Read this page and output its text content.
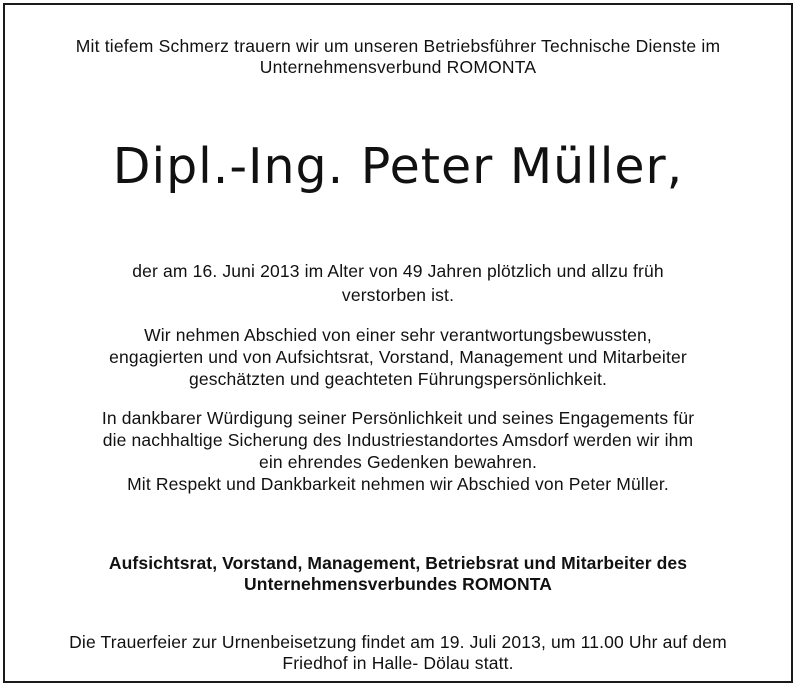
Mit tiefem Schmerz trauern wir um unseren Betriebsführer Technische Dienste im

Unternehmensverbund ROMONTA

Dipl.-Ing. Peter Müller,

der am 16. Juni 2013 im Alter von 49 Jahren plötzlich und allzu früh

verstorben ist.

Wir nehmen Abschied von einer sehr verantwortungsbewussten,

engagierten und von Aufsichtsrat, Vorstand, Management und Mitarbeiter

geschätzten und geachteten Führungspersönlichkeit.

In dankbarer Würdigung seiner Persönlichkeit und seines Engagements für

die nachhaltige Sicherung des Industriestandortes Amsdorf werden wir ihm

ein ehrendes Gedenken bewahren.

Mit Respekt und Dankbarkeit nehmen wir Abschied von Peter Müller.

Aufsichtsrat, Vorstand, Management, Betriebsrat und Mitarbeiter des

Unternehmensverbundes ROMONTA

Die Trauerfeier zur Urnenbeisetzung findet am 19. Juli 2013, um 11.00 Uhr auf dem

Friedhof in Halle- Dölau statt.
